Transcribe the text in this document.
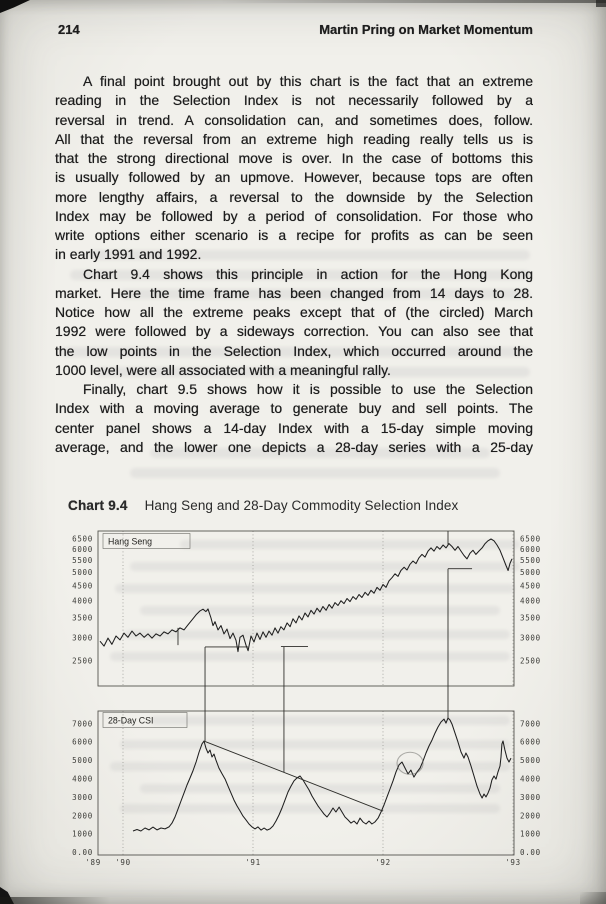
214	Martin Pring on Market Momentum
A final point brought out by this chart is the fact that an extreme
reading in the Selection Index is not necessarily followed by a
reversal in trend. A consolidation can, and sometimes does, follow.
All that the reversal from an extreme high reading really tells us is
that the strong directional move is over. In the case of bottoms this
is usually followed by an upmove. However, because tops are often
more lengthy affairs, a reversal to the downside by the Selection
Index may be followed by a period of consolidation. For those who
write options either scenario is a recipe for profits as can be seen
in early 1991 and 1992.
Chart 9.4 shows this principle in action for the Hong Kong
market. Here the time frame has been changed from 14 days to 28.
Notice how all the extreme peaks except that of (the circled) March
1992 were followed by a sideways correction. You can also see that
the low points in the Selection Index, which occurred around the
1000 level, were all associated with a meaningful rally.
Finally, chart 9.5 shows how it is possible to use the Selection
Index with a moving average to generate buy and sell points. The
center panel shows a 14-day Index with a 15-day simple moving
average, and the lower one depicts a 28-day series with a 25-day
Chart 9.4 Hang Seng and 28-Day Commodity Selection Index
6500	6500
6000	6000
5500	5500
5000	5000
4500	4500
4000	4000
3500	3500
3000	3000
2500	2500
7000	7000
6000	6000
5000	5000
4000	4000
3000	3000
2000	2000
1000	1000
0.00	0.00
'89 '90	'91	'92	'93
Hang Seng
28-Day CSI
